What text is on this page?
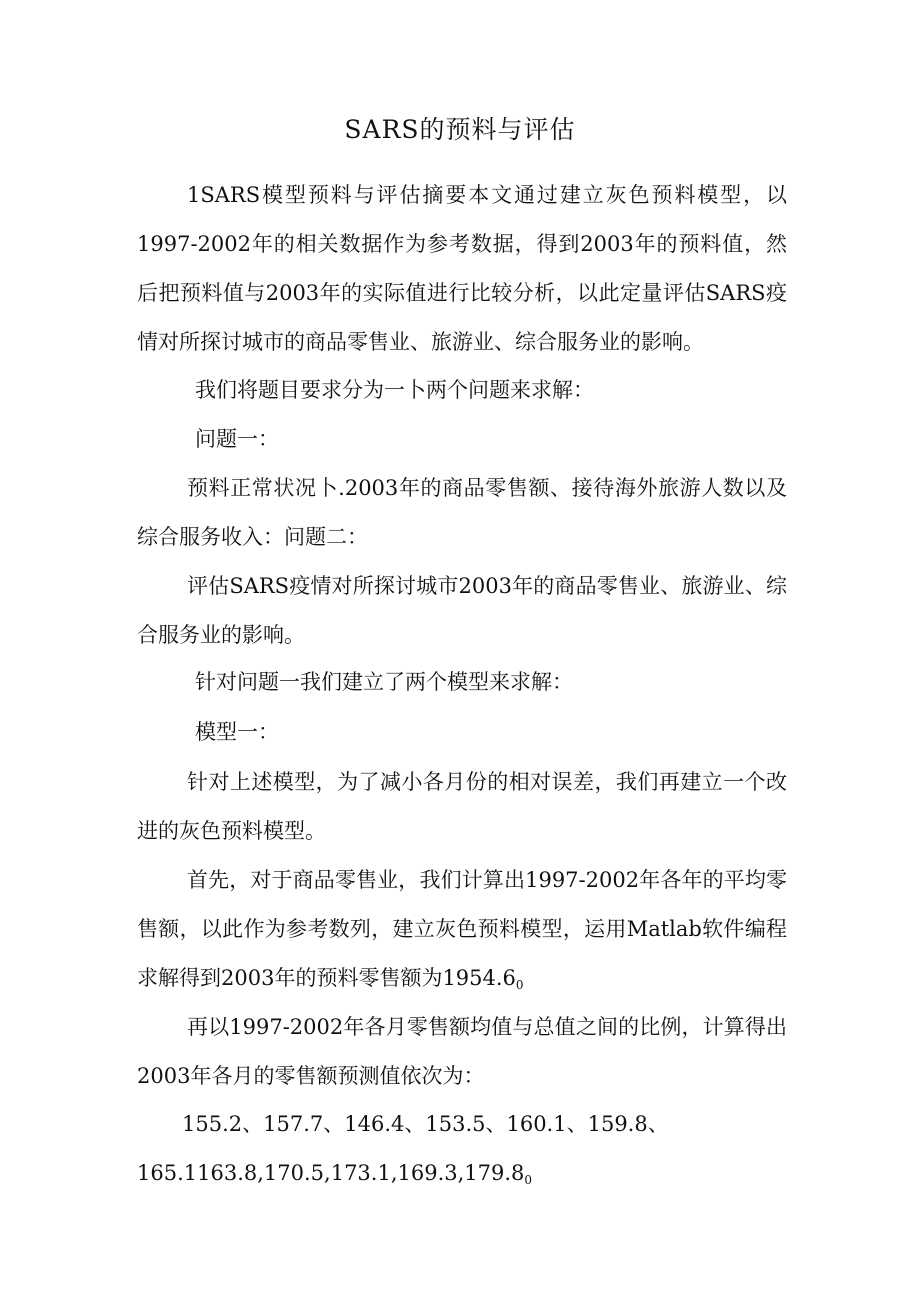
SARS的预料与评估

1SARS模型预料与评估摘要本文通过建立灰色预料模型，以1997-2002年的相关数据作为参考数据，得到2003年的预料值，然后把预料值与2003年的实际值进行比较分析，以此定量评估SARS疫情对所探讨城市的商品零售业、旅游业、综合服务业的影响。

我们将题目要求分为一卜两个问题来求解：

问题一：

预料正常状况卜.2003年的商品零售额、接待海外旅游人数以及综合服务收入：问题二：

评估SARS疫情对所探讨城市2003年的商品零售业、旅游业、综合服务业的影响。

针对问题一我们建立了两个模型来求解：

模型一：

针对上述模型，为了减小各月份的相对误差，我们再建立一个改进的灰色预料模型。

首先，对于商品零售业，我们计算出1997-2002年各年的平均零售额，以此作为参考数列，建立灰色预料模型，运用Matlab软件编程求解得到2003年的预料零售额为$1954.6_0$

再以1997-2002年各月零售额均值与总值之间的比例，计算得出2003年各月的零售额预测值依次为：

155.2、157.7、146.4、153.5、160.1、159.8、

$165.1163.8,170.5,173.1,169.3,179.8_0$
